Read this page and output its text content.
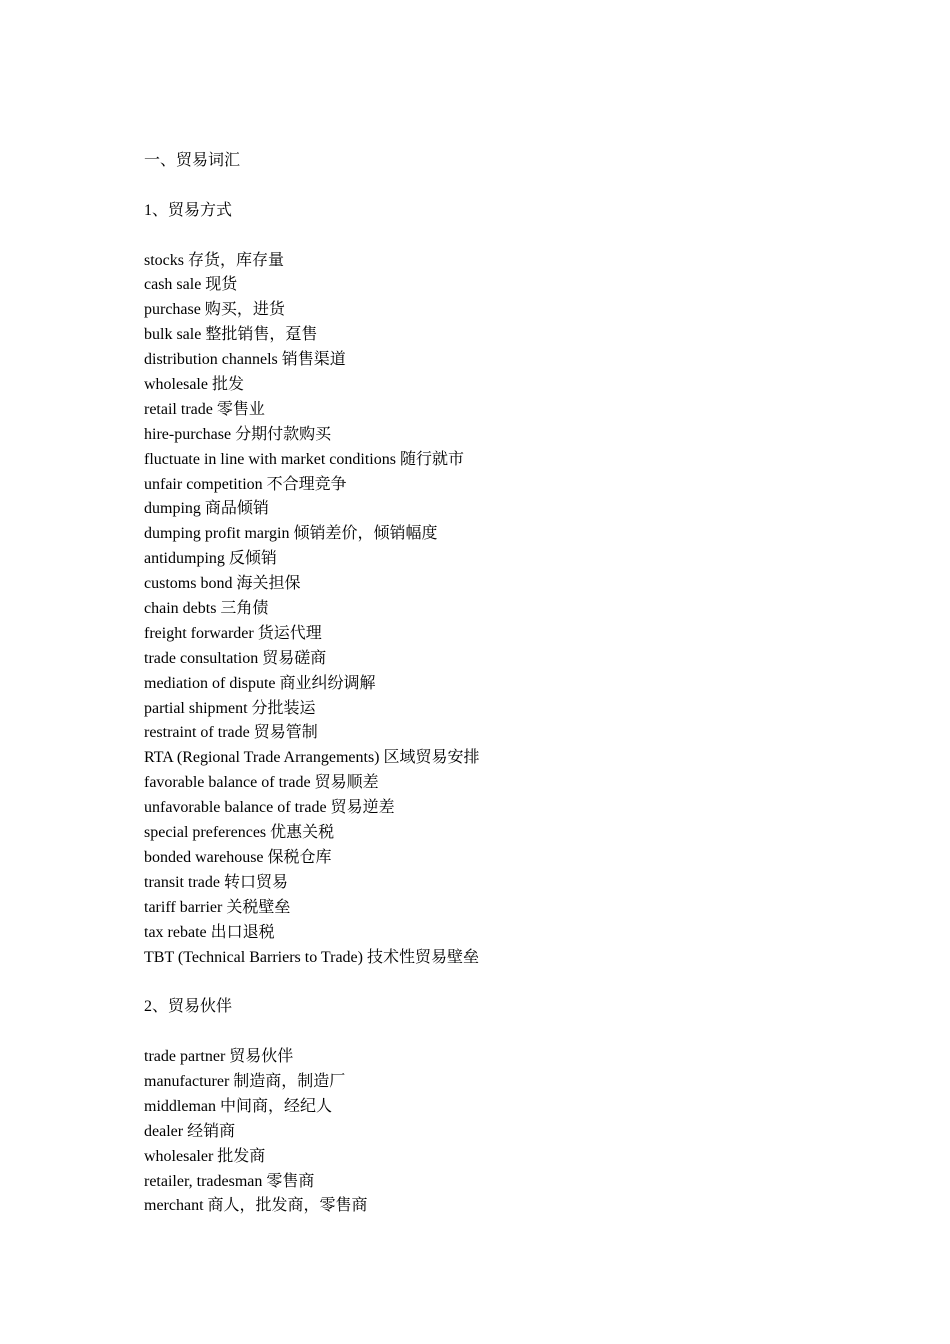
一、贸易词汇
1、贸易方式
stocks 存货，库存量
cash sale 现货
purchase 购买，进货
bulk sale 整批销售，趸售
distribution channels 销售渠道
wholesale 批发
retail trade 零售业
hire-purchase 分期付款购买
fluctuate in line with market conditions 随行就市
unfair competition 不合理竞争
dumping 商品倾销
dumping profit margin 倾销差价，倾销幅度
antidumping 反倾销
customs bond 海关担保
chain debts 三角债
freight forwarder 货运代理
trade consultation 贸易磋商
mediation of dispute 商业纠纷调解
partial shipment 分批装运
restraint of trade 贸易管制
RTA (Regional Trade Arrangements) 区域贸易安排
favorable balance of trade 贸易顺差
unfavorable balance of trade 贸易逆差
special preferences 优惠关税
bonded warehouse 保税仓库
transit trade 转口贸易
tariff barrier 关税壁垒
tax rebate 出口退税
TBT (Technical Barriers to Trade) 技术性贸易壁垒
2、贸易伙伴
trade partner 贸易伙伴
manufacturer 制造商，制造厂
middleman 中间商，经纪人
dealer 经销商
wholesaler 批发商
retailer, tradesman 零售商
merchant 商人，批发商，零售商
